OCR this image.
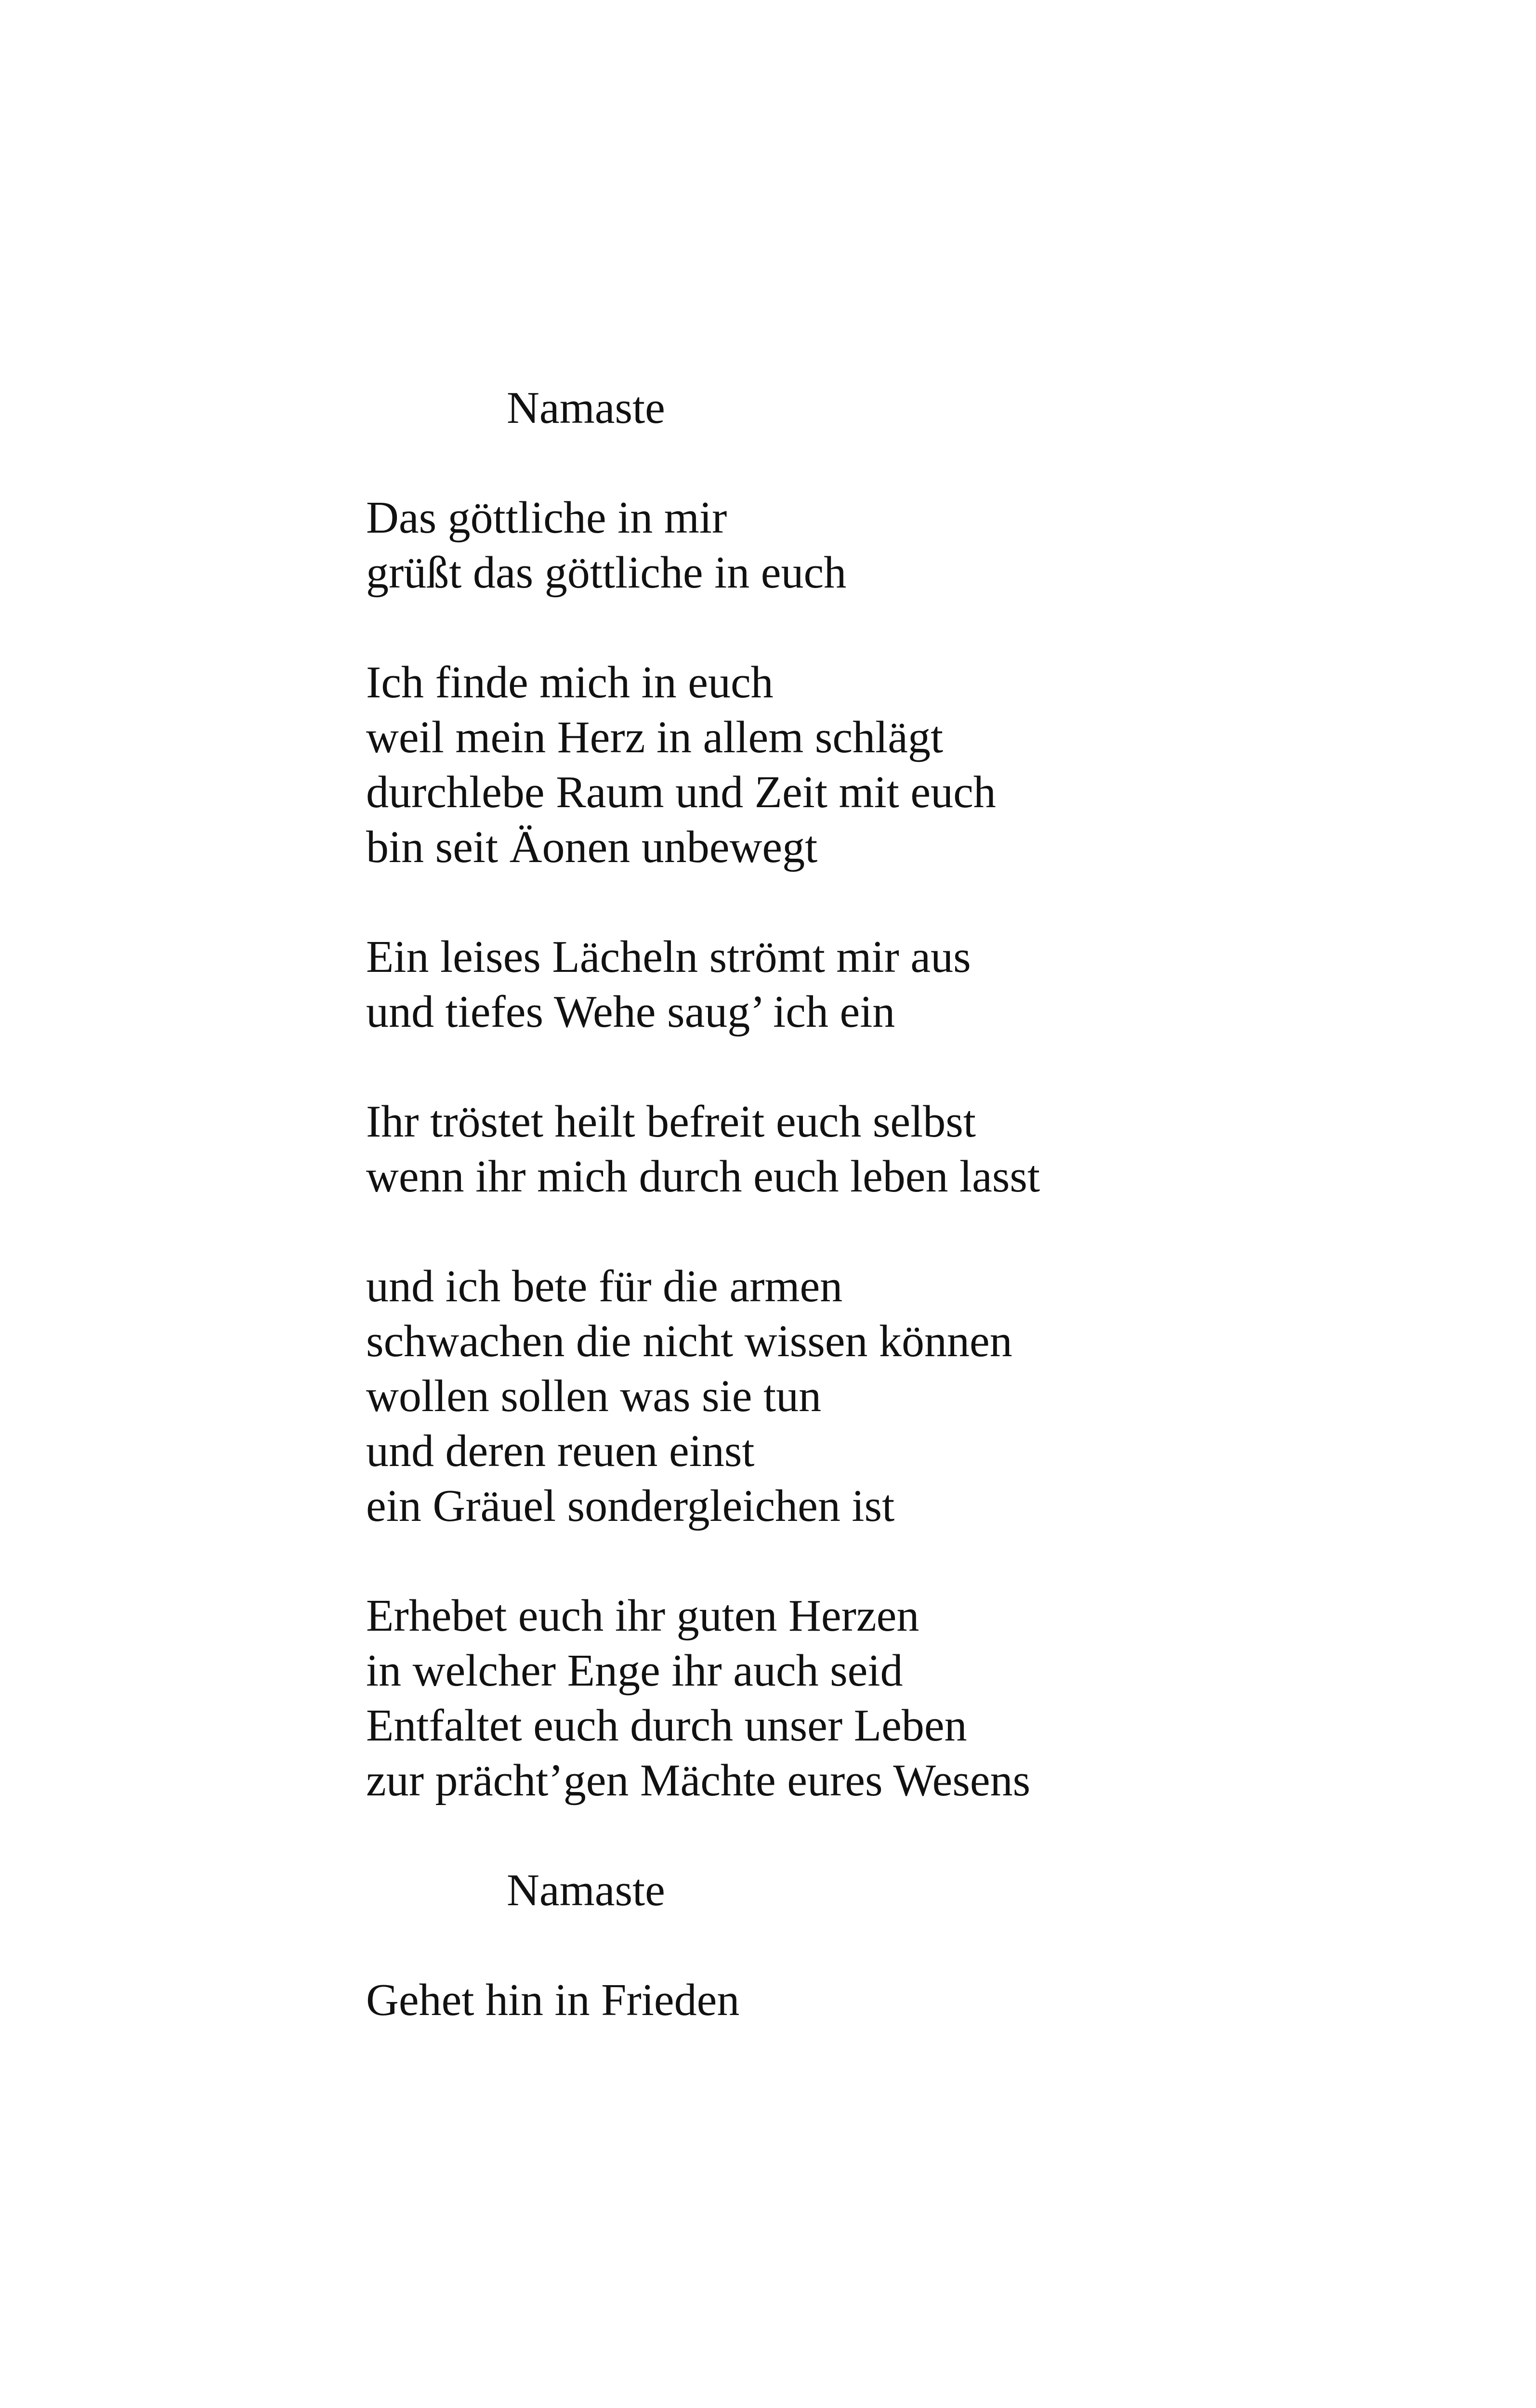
Namaste
Das göttliche in mir
grüßt das göttliche in euch
Ich finde mich in euch
weil mein Herz in allem schlägt
durchlebe Raum und Zeit mit euch
bin seit Äonen unbewegt
Ein leises Lächeln strömt mir aus
und tiefes Wehe saug’ ich ein
Ihr tröstet heilt befreit euch selbst
wenn ihr mich durch euch leben lasst
und ich bete für die armen
schwachen die nicht wissen können
wollen sollen was sie tun
und deren reuen einst
ein Gräuel sondergleichen ist
Erhebet euch ihr guten Herzen
in welcher Enge ihr auch seid
Entfaltet euch durch unser Leben
zur prächt’gen Mächte eures Wesens
Namaste
Gehet hin in Frieden
